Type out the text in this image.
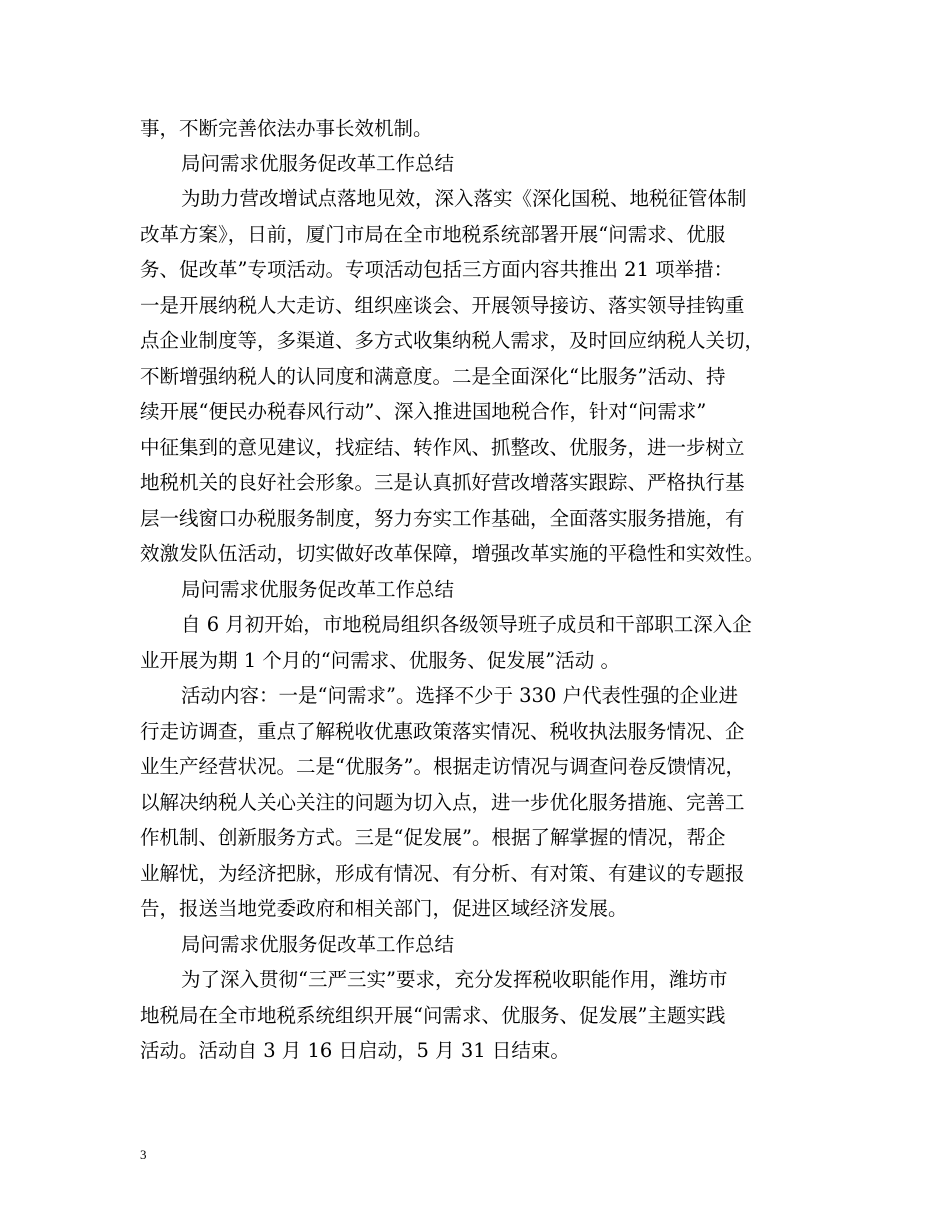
事，不断完善依法办事长效机制。
局问需求优服务促改革工作总结
为助力营改增试点落地见效，深入落实《深化国税、地税征管体制
改革方案》，日前，厦门市局在全市地税系统部署开展“问需求、优服
务、促改革”专项活动。专项活动包括三方面内容共推出 21 项举措：
一是开展纳税人大走访、组织座谈会、开展领导接访、落实领导挂钩重
点企业制度等，多渠道、多方式收集纳税人需求，及时回应纳税人关切，
不断增强纳税人的认同度和满意度。二是全面深化“比服务”活动、持
续开展“便民办税春风行动”、深入推进国地税合作，针对“问需求”
中征集到的意见建议，找症结、转作风、抓整改、优服务，进一步树立
地税机关的良好社会形象。三是认真抓好营改增落实跟踪、严格执行基
层一线窗口办税服务制度，努力夯实工作基础，全面落实服务措施，有
效激发队伍活动，切实做好改革保障，增强改革实施的平稳性和实效性。
局问需求优服务促改革工作总结
自 6 月初开始，市地税局组织各级领导班子成员和干部职工深入企
业开展为期 1 个月的“问需求、优服务、促发展”活动 。
活动内容：一是“问需求”。选择不少于 330 户代表性强的企业进
行走访调查，重点了解税收优惠政策落实情况、税收执法服务情况、企
业生产经营状况。二是“优服务”。根据走访情况与调查问卷反馈情况，
以解决纳税人关心关注的问题为切入点，进一步优化服务措施、完善工
作机制、创新服务方式。三是“促发展”。根据了解掌握的情况，帮企
业解忧，为经济把脉，形成有情况、有分析、有对策、有建议的专题报
告，报送当地党委政府和相关部门，促进区域经济发展。
局问需求优服务促改革工作总结
为了深入贯彻“三严三实”要求，充分发挥税收职能作用，潍坊市
地税局在全市地税系统组织开展“问需求、优服务、促发展”主题实践
活动。活动自 3 月 16 日启动，5 月 31 日结束。
3
